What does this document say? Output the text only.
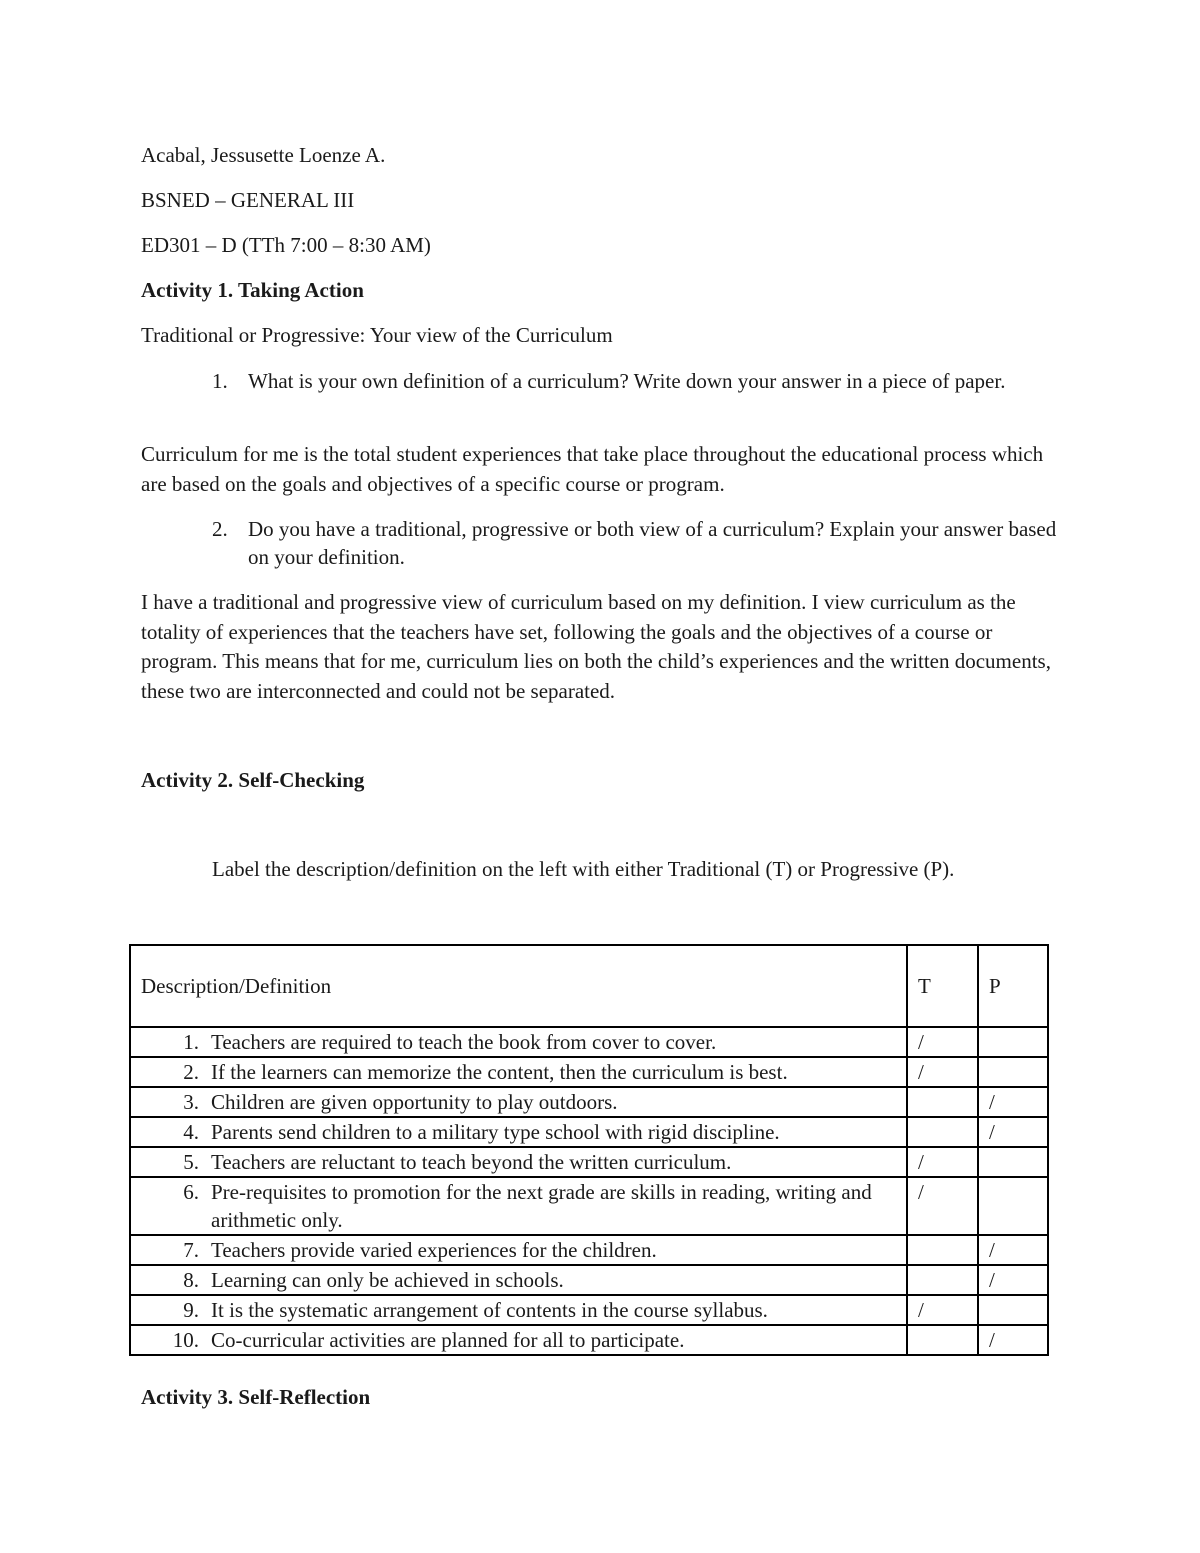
Acabal, Jessusette Loenze A.

BSNED – GENERAL III

ED301 – D (TTh 7:00 – 8:30 AM)

Activity 1. Taking Action

Traditional or Progressive: Your view of the Curriculum

1. What is your own definition of a curriculum? Write down your answer in a piece of paper.

Curriculum for me is the total student experiences that take place throughout the educational process which are based on the goals and objectives of a specific course or program.

2. Do you have a traditional, progressive or both view of a curriculum? Explain your answer based on your definition.

I have a traditional and progressive view of curriculum based on my definition. I view curriculum as the totality of experiences that the teachers have set, following the goals and the objectives of a course or program. This means that for me, curriculum lies on both the child’s experiences and the written documents, these two are interconnected and could not be separated.

Activity 2. Self-Checking

Label the description/definition on the left with either Traditional (T) or Progressive (P).

Description/Definition	T	P
1. Teachers are required to teach the book from cover to cover.	/	
2. If the learners can memorize the content, then the curriculum is best.	/	
3. Children are given opportunity to play outdoors.		/
4. Parents send children to a military type school with rigid discipline.		/
5. Teachers are reluctant to teach beyond the written curriculum.	/	
6. Pre-requisites to promotion for the next grade are skills in reading, writing and arithmetic only.	/	
7. Teachers provide varied experiences for the children.		/
8. Learning can only be achieved in schools.		/
9. It is the systematic arrangement of contents in the course syllabus.	/	
10. Co-curricular activities are planned for all to participate.		/

Activity 3. Self-Reflection
